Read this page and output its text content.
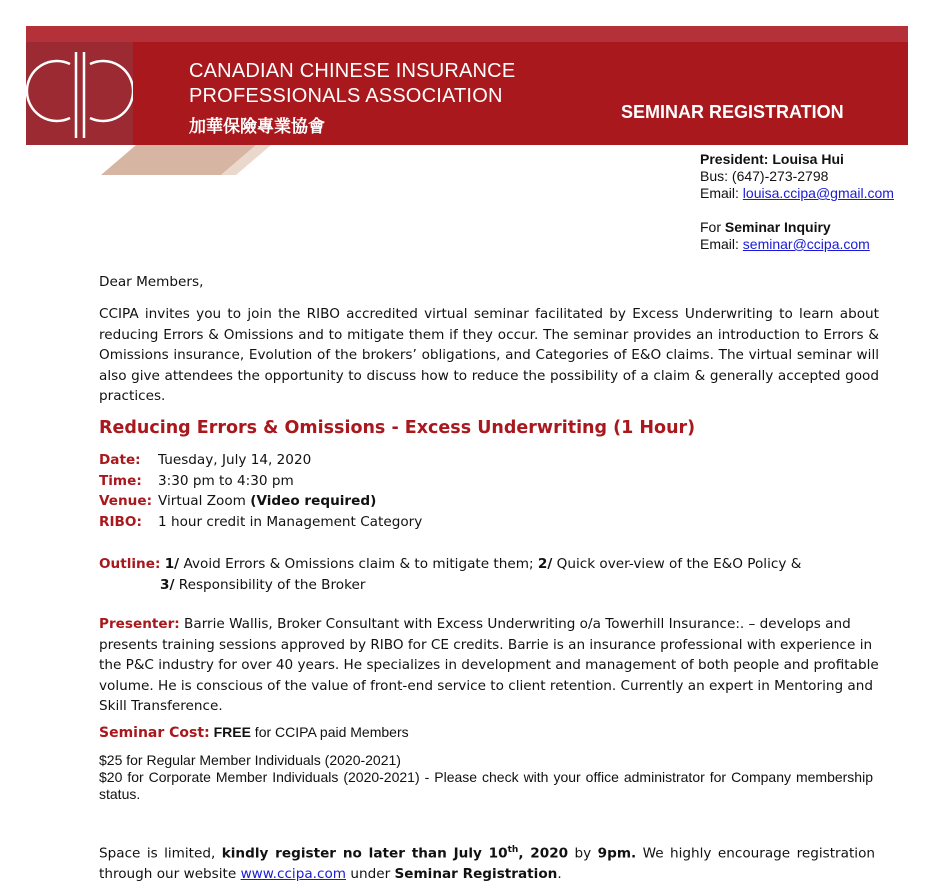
CANADIAN CHINESE INSURANCE
PROFESSIONALS ASSOCIATION
加華保險專業協會
SEMINAR REGISTRATION
President: Louisa Hui
Bus: (647)-273-2798
Email: louisa.ccipa@gmail.com
For Seminar Inquiry
Email: seminar@ccipa.com
Dear Members,
CCIPA invites you to join the RIBO accredited virtual seminar facilitated by Excess Underwriting to learn about reducing Errors & Omissions and to mitigate them if they occur. The seminar provides an introduction to Errors & Omissions insurance, Evolution of the brokers’ obligations, and Categories of E&O claims. The virtual seminar will also give attendees the opportunity to discuss how to reduce the possibility of a claim & generally accepted good practices.
Reducing Errors & Omissions - Excess Underwriting (1 Hour)
Date: Tuesday, July 14, 2020
Time: 3:30 pm to 4:30 pm
Venue: Virtual Zoom (Video required)
RIBO: 1 hour credit in Management Category
Outline: 1/ Avoid Errors & Omissions claim & to mitigate them; 2/ Quick over-view of the E&O Policy &
3/ Responsibility of the Broker
Presenter: Barrie Wallis, Broker Consultant with Excess Underwriting o/a Towerhill Insurance:. – develops and presents training sessions approved by RIBO for CE credits. Barrie is an insurance professional with experience in the P&C industry for over 40 years. He specializes in development and management of both people and profitable volume. He is conscious of the value of front-end service to client retention. Currently an expert in Mentoring and Skill Transference.
Seminar Cost: FREE for CCIPA paid Members
$25 for Regular Member Individuals (2020-2021)
$20 for Corporate Member Individuals (2020-2021) - Please check with your office administrator for Company membership status.
Space is limited, kindly register no later than July 10th, 2020 by 9pm. We highly encourage registration through our website www.ccipa.com under Seminar Registration.
